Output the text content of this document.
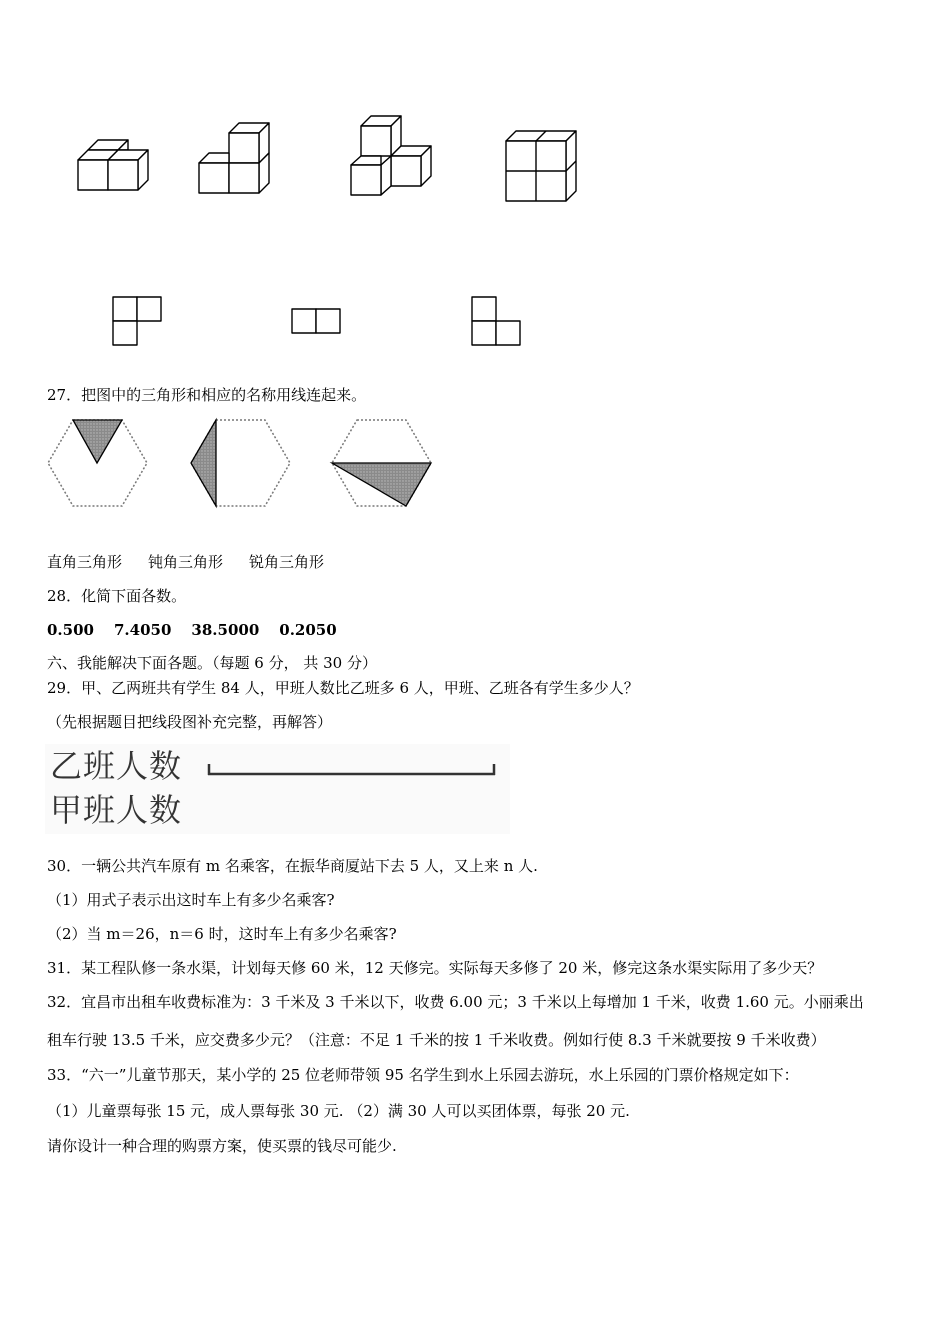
27．把图中的三角形和相应的名称用线连起来。
直角三角形 钝角三角形 锐角三角形
28．化简下面各数。
0.500 7.4050 38.5000 0.2050
六、我能解决下面各题。（每题 6 分， 共 30 分）
29．甲、乙两班共有学生 84 人，甲班人数比乙班多 6 人，甲班、乙班各有学生多少人？
（先根据题目把线段图补充完整，再解答）
乙班人数
甲班人数
30．一辆公共汽车原有 m 名乘客，在振华商厦站下去 5 人，又上来 n 人.
（1）用式子表示出这时车上有多少名乘客?
（2）当 m＝26，n＝6 时，这时车上有多少名乘客?
31．某工程队修一条水渠，计划每天修 60 米，12 天修完。实际每天多修了 20 米，修完这条水渠实际用了多少天？
32．宜昌市出租车收费标准为：3 千米及 3 千米以下，收费 6.00 元；3 千米以上每增加 1 千米，收费 1.60 元。小丽乘出
租车行驶 13.5 千米，应交费多少元？（注意：不足 1 千米的按 1 千米收费。例如行使 8.3 千米就要按 9 千米收费）
33．“六一”儿童节那天，某小学的 25 位老师带领 95 名学生到水上乐园去游玩，水上乐园的门票价格规定如下：
（1）儿童票每张 15 元，成人票每张 30 元. （2）满 30 人可以买团体票，每张 20 元.
请你设计一种合理的购票方案，使买票的钱尽可能少.
